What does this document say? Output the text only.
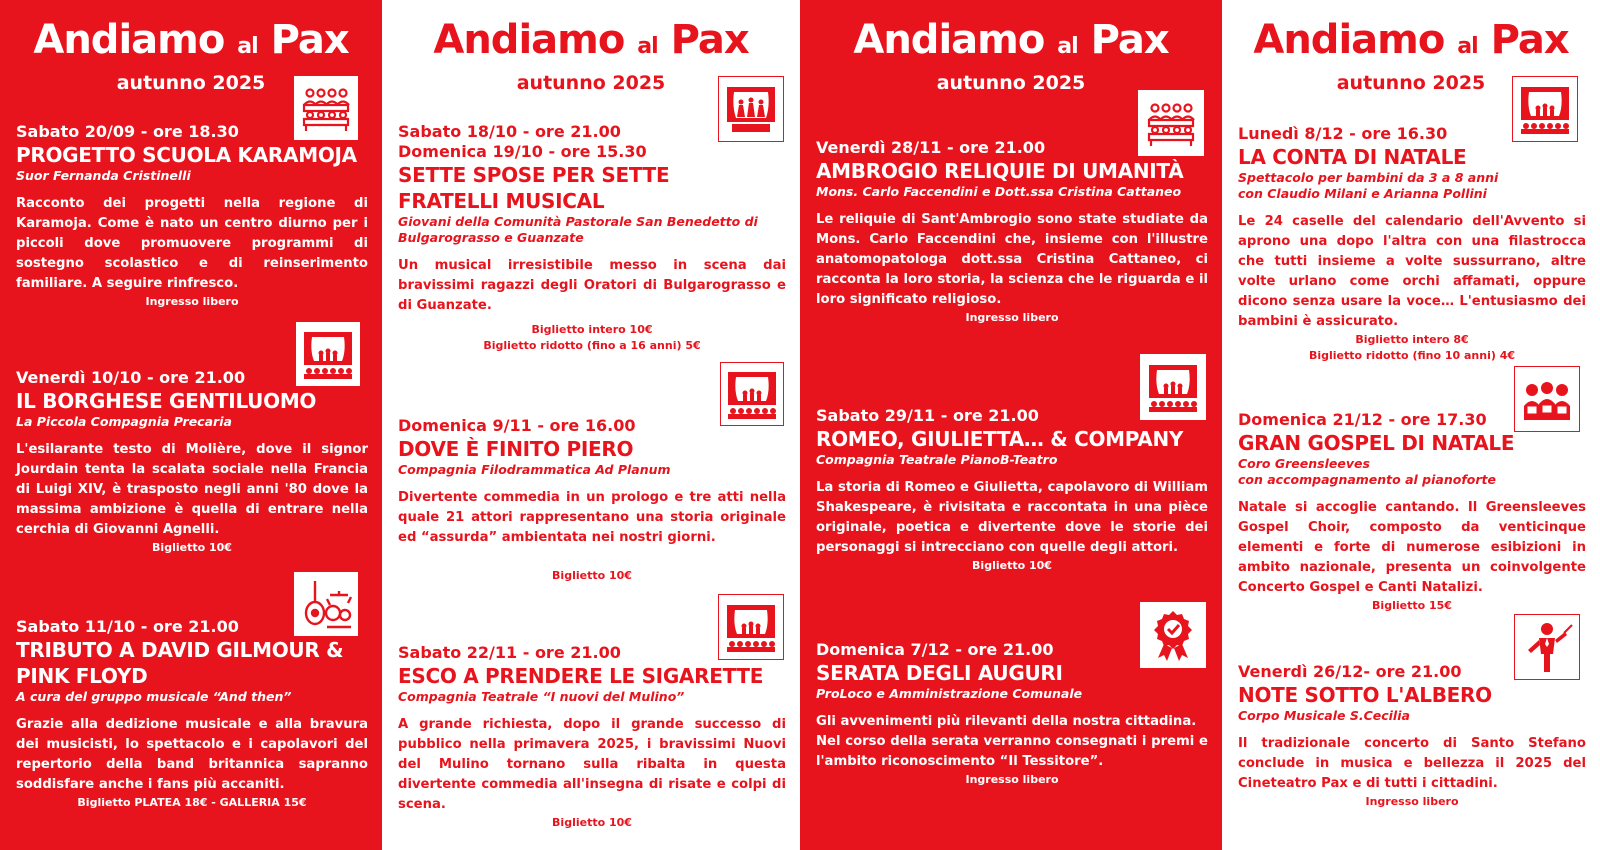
Andiamo al Pax
autunno 2025
Sabato 20/09 - ore 18.30
PROGETTO SCUOLA KARAMOJA
Suor Fernanda Cristinelli
Racconto dei progetti nella regione di Karamoja. Come è nato un centro diurno per i piccoli dove promuovere programmi di sostegno scolastico e di reinserimento familiare. A seguire rinfresco.
Ingresso libero
Venerdì 10/10 - ore 21.00
IL BORGHESE GENTILUOMO
La Piccola Compagnia Precaria
L'esilarante testo di Molière, dove il signor Jourdain tenta la scalata sociale nella Francia di Luigi XIV, è trasposto negli anni '80 dove la massima ambizione è quella di entrare nella cerchia di Giovanni Agnelli.
Biglietto 10€
Sabato 11/10 - ore 21.00
TRIBUTO A DAVID GILMOUR & PINK FLOYD
A cura del gruppo musicale “And then”
Grazie alla dedizione musicale e alla bravura dei musicisti, lo spettacolo e i capolavori del repertorio della band britannica sapranno soddisfare anche i fans più accaniti.
Biglietto PLATEA 18€ - GALLERIA 15€
Andiamo al Pax
autunno 2025
Sabato 18/10 - ore 21.00
Domenica 19/10 - ore 15.30
SETTE SPOSE PER SETTE FRATELLI MUSICAL
Giovani della Comunità Pastorale San Benedetto di Bulgarograsso e Guanzate
Un musical irresistibile messo in scena dai bravissimi ragazzi degli Oratori di Bulgarograsso e di Guanzate.
Biglietto intero 10€
Biglietto ridotto (fino a 16 anni) 5€
Domenica 9/11 - ore 16.00
DOVE È FINITO PIERO
Compagnia Filodrammatica Ad Planum
Divertente commedia in un prologo e tre atti nella quale 21 attori rappresentano una storia originale ed “assurda” ambientata nei nostri giorni.
Biglietto 10€
Sabato 22/11 - ore 21.00
ESCO A PRENDERE LE SIGARETTE
Compagnia Teatrale “I nuovi del Mulino”
A grande richiesta, dopo il grande successo di pubblico nella primavera 2025, i bravissimi Nuovi del Mulino tornano sulla ribalta in questa divertente commedia all'insegna di risate e colpi di scena.
Biglietto 10€
Andiamo al Pax
autunno 2025
Venerdì 28/11 - ore 21.00
AMBROGIO RELIQUIE DI UMANITÀ
Mons. Carlo Faccendini e Dott.ssa Cristina Cattaneo
Le reliquie di Sant'Ambrogio sono state studiate da Mons. Carlo Faccendini che, insieme con l'illustre anatomopatologa dott.ssa Cristina Cattaneo, ci racconta la loro storia, la scienza che le riguarda e il loro significato religioso.
Ingresso libero
Sabato 29/11 - ore 21.00
ROMEO, GIULIETTA… & COMPANY
Compagnia Teatrale PianoB-Teatro
La storia di Romeo e Giulietta, capolavoro di William Shakespeare, è rivisitata e raccontata in una pièce originale, poetica e divertente dove le storie dei personaggi si intrecciano con quelle degli attori.
Biglietto 10€
Domenica 7/12 - ore 21.00
SERATA DEGLI AUGURI
ProLoco e Amministrazione Comunale
Gli avvenimenti più rilevanti della nostra cittadina.
Nel corso della serata verranno consegnati i premi e l'ambito riconoscimento “Il Tessitore”.
Ingresso libero
Andiamo al Pax
autunno 2025
Lunedì 8/12 - ore 16.30
LA CONTA DI NATALE
Spettacolo per bambini da 3 a 8 anni
con Claudio Milani e Arianna Pollini
Le 24 caselle del calendario dell'Avvento si aprono una dopo l'altra con una filastrocca che tutti insieme a volte sussurrano, altre volte urlano come orchi affamati, oppure dicono senza usare la voce… L'entusiasmo dei bambini è assicurato.
Biglietto intero 8€
Biglietto ridotto (fino 10 anni) 4€
Domenica 21/12 - ore 17.30
GRAN GOSPEL DI NATALE
Coro Greensleeves
con accompagnamento al pianoforte
Natale si accoglie cantando. Il Greensleeves Gospel Choir, composto da venticinque elementi e forte di numerose esibizioni in ambito nazionale, presenta un coinvolgente Concerto Gospel e Canti Natalizi.
Biglietto 15€
Venerdì 26/12- ore 21.00
NOTE SOTTO L'ALBERO
Corpo Musicale S.Cecilia
Il tradizionale concerto di Santo Stefano conclude in musica e bellezza il 2025 del Cineteatro Pax e di tutti i cittadini.
Ingresso libero
